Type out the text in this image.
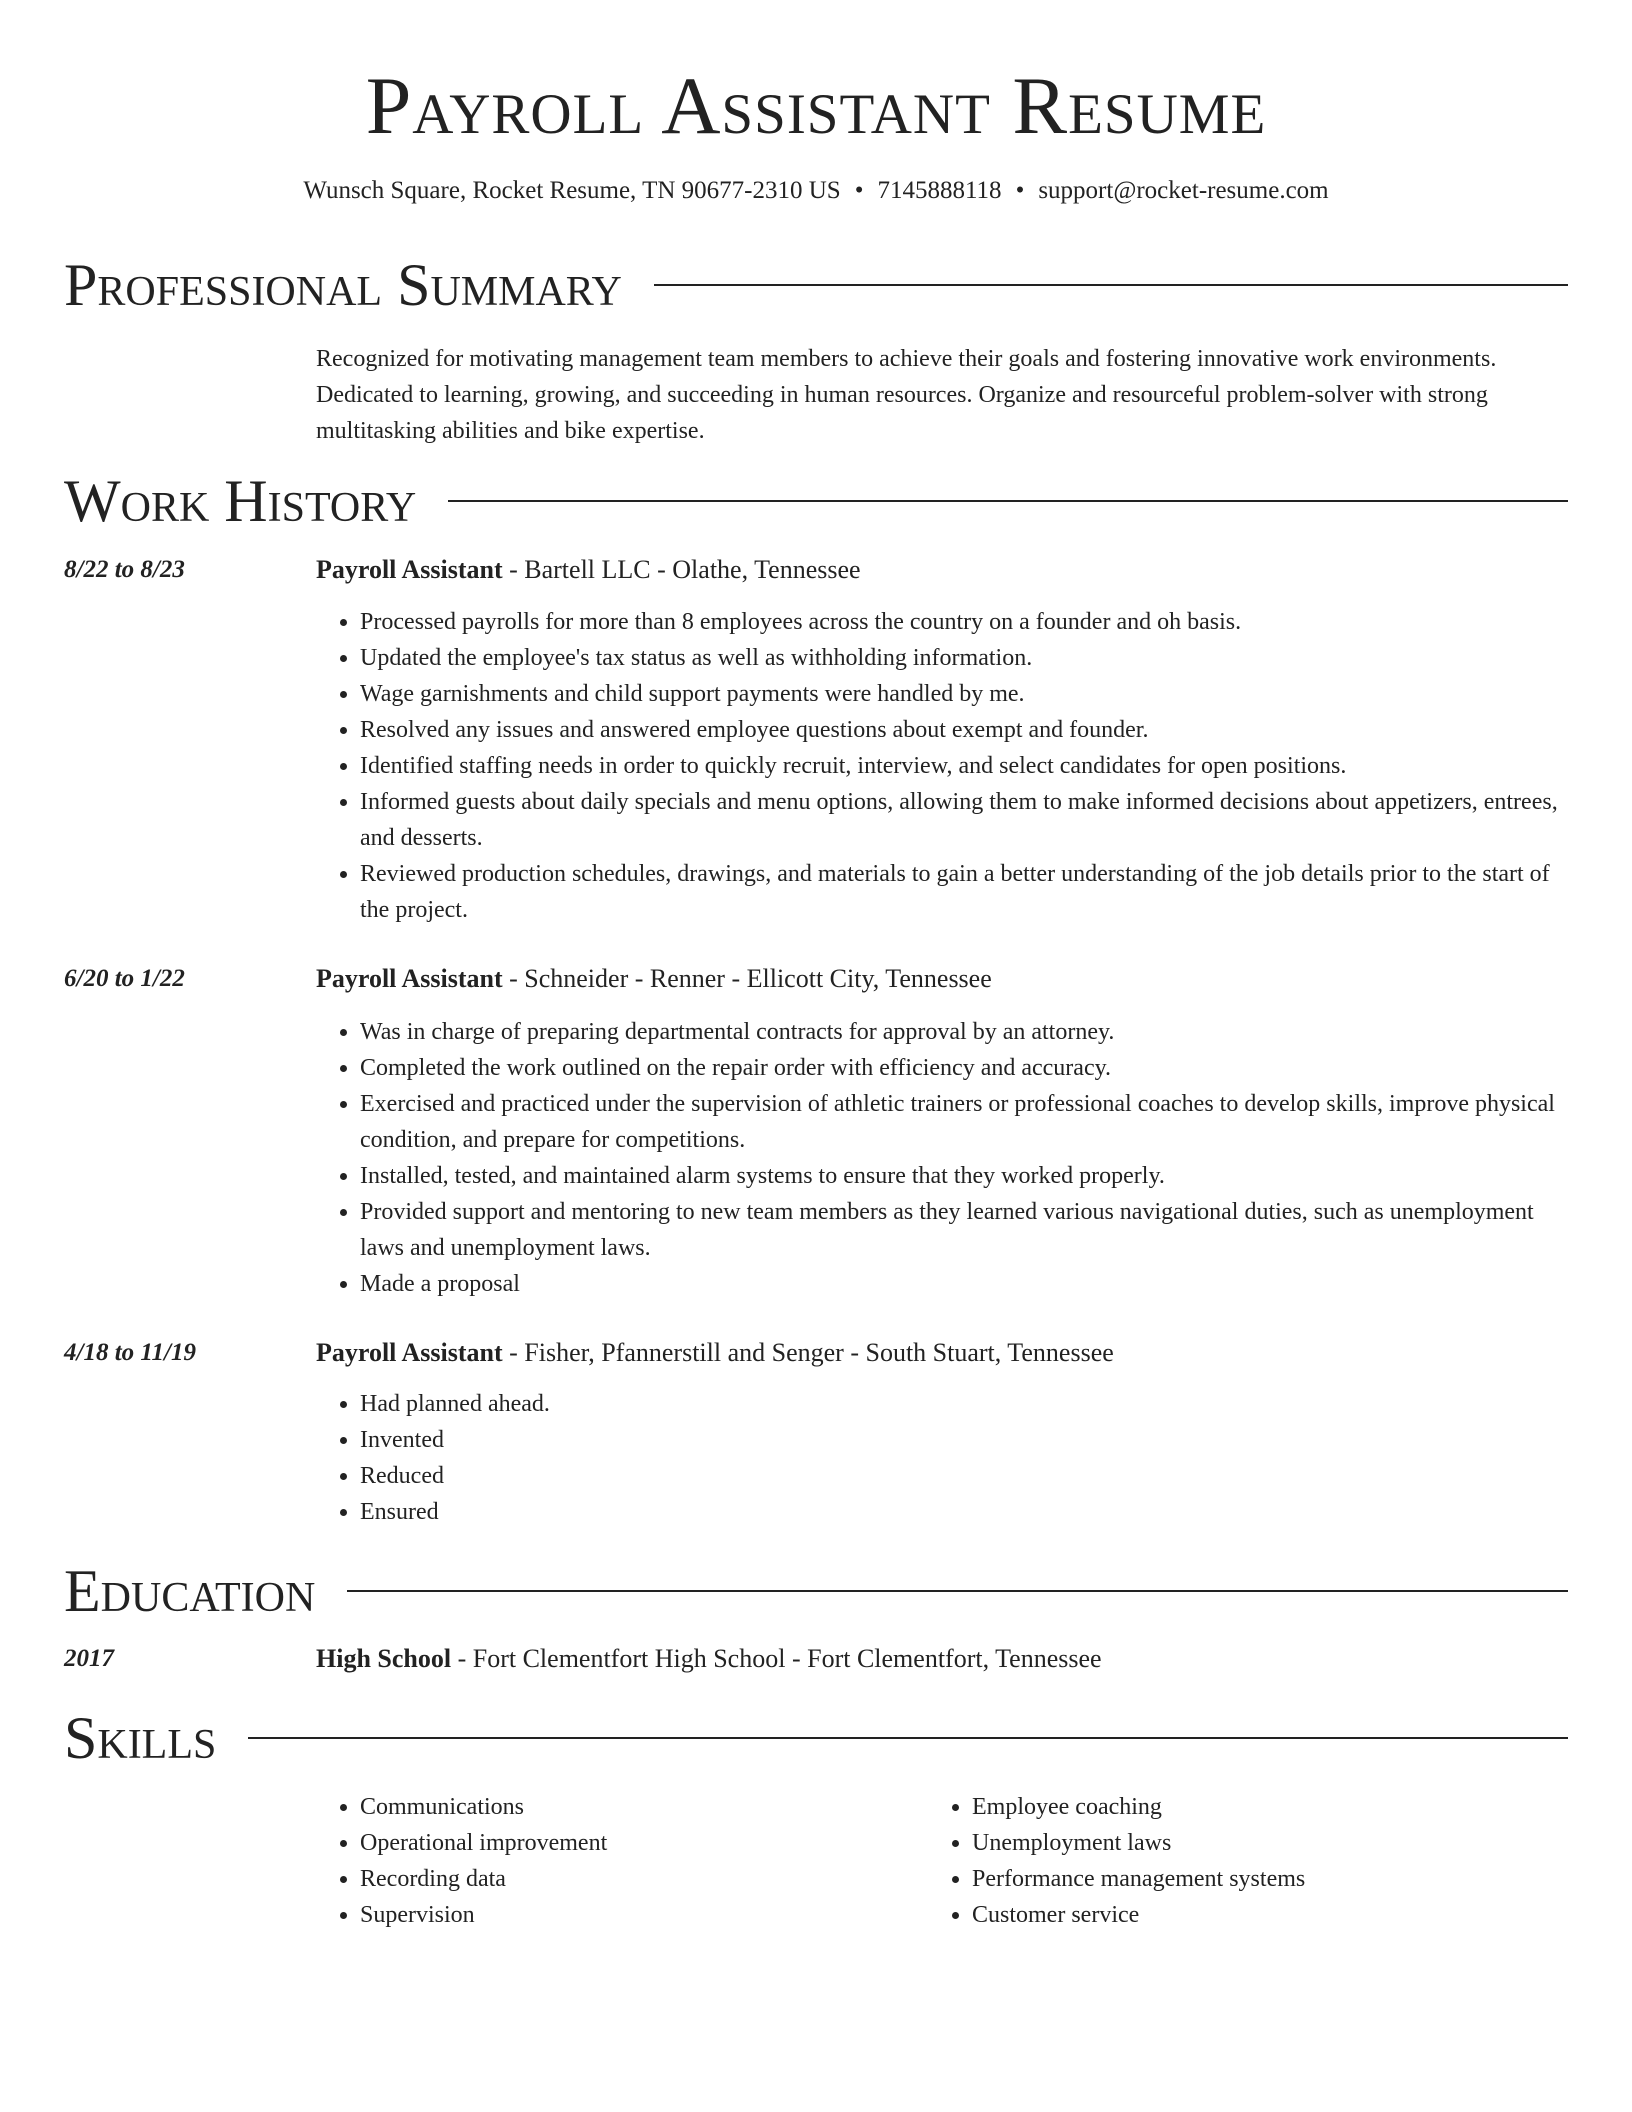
Payroll Assistant Resume
Wunsch Square, Rocket Resume, TN 90677-2310 US • 7145888118 • support@rocket-resume.com
Professional Summary
Recognized for motivating management team members to achieve their goals and fostering innovative work environments. Dedicated to learning, growing, and succeeding in human resources. Organize and resourceful problem-solver with strong multitasking abilities and bike expertise.
Work History
8/22 to 8/23	Payroll Assistant - Bartell LLC - Olathe, Tennessee
• Processed payrolls for more than 8 employees across the country on a founder and oh basis.
• Updated the employee's tax status as well as withholding information.
• Wage garnishments and child support payments were handled by me.
• Resolved any issues and answered employee questions about exempt and founder.
• Identified staffing needs in order to quickly recruit, interview, and select candidates for open positions.
• Informed guests about daily specials and menu options, allowing them to make informed decisions about appetizers, entrees, and desserts.
• Reviewed production schedules, drawings, and materials to gain a better understanding of the job details prior to the start of the project.
6/20 to 1/22	Payroll Assistant - Schneider - Renner - Ellicott City, Tennessee
• Was in charge of preparing departmental contracts for approval by an attorney.
• Completed the work outlined on the repair order with efficiency and accuracy.
• Exercised and practiced under the supervision of athletic trainers or professional coaches to develop skills, improve physical condition, and prepare for competitions.
• Installed, tested, and maintained alarm systems to ensure that they worked properly.
• Provided support and mentoring to new team members as they learned various navigational duties, such as unemployment laws and unemployment laws.
• Made a proposal
4/18 to 11/19	Payroll Assistant - Fisher, Pfannerstill and Senger - South Stuart, Tennessee
• Had planned ahead.
• Invented
• Reduced
• Ensured
Education
2017	High School - Fort Clementfort High School - Fort Clementfort, Tennessee
Skills
• Communications
• Operational improvement
• Recording data
• Supervision
• Employee coaching
• Unemployment laws
• Performance management systems
• Customer service
